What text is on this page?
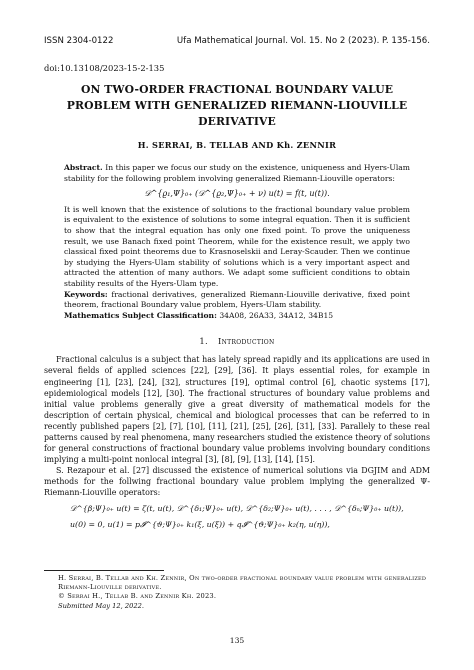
ISSN 2304-0122	Ufa Mathematical Journal. Vol. 15. No 2 (2023). P. 135-156.
doi:10.13108/2023-15-2-135
ON TWO-ORDER FRACTIONAL BOUNDARY VALUE
PROBLEM WITH GENERALIZED RIEMANN-LIOUVILLE
DERIVATIVE
H. SERRAI, B. TELLAB AND Kh. ZENNIR

Abstract. In this paper we focus our study on the existence, uniqueness and Hyers-Ulam stability for the following problem involving generalized Riemann-Liouville operators:

𝒟^{ϱ₁,Ψ}₀₊ (𝒟^{ϱ₂,Ψ}₀₊ + ν) u(t) = f(t, u(t)).

It is well known that the existence of solutions to the fractional boundary value problem is equivalent to the existence of solutions to some integral equation. Then it is sufficient to show that the integral equation has only one fixed point. To prove the uniqueness result, we use Banach fixed point Theorem, while for the existence result, we apply two classical fixed point theorems due to Krasnoselskii and Leray-Scauder. Then we continue by studying the Hyers-Ulam stability of solutions which is a very important aspect and attracted the attention of many authors. We adapt some sufficient conditions to obtain stability results of the Hyers-Ulam type.

Keywords: fractional derivatives, generalized Riemann-Liouville derivative, fixed point theorem, fractional Boundary value problem, Hyers-Ulam stability.

Mathematics Subject Classification: 34A08, 26A33, 34A12, 34B15

1. Introduction

Fractional calculus is a subject that has lately spread rapidly and its applications are used in several fields of applied sciences [22], [29], [36]. It plays essential roles, for example in engineering [1], [23], [24], [32], structures [19], optimal control [6], chaotic systems [17], epidemiological models [12], [30]. The fractional structures of boundary value problems and initial value problems generally give a great diversity of mathematical models for the description of certain physical, chemical and biological processes that can be referred to in recently published papers [2], [7], [10], [11], [21], [25], [26], [31], [33]. Parallely to these real patterns caused by real phenomena, many researchers studied the existence theory of solutions for general constructions of fractional boundary value problems involving boundary conditions implying a multi-point nonlocal integral [3], [8], [9], [13], [14], [15].

S. Rezapour et al. [27] discussed the existence of numerical solutions via DGJIM and ADM methods for the follwing fractional boundary value problem implying the generalized Ψ-Riemann-Liouville operators:

𝒟^{β;Ψ}₀₊ u(t) = ζ(t, u(t), 𝒟^{δ₁;Ψ}₀₊ u(t), 𝒟^{δ₂;Ψ}₀₊ u(t), . . . , 𝒟^{δₙ;Ψ}₀₊ u(t)),
u(0) = 0, u(1) = p𝓘^{ϑ;Ψ}₀₊ k₁(ξ, u(ξ)) + q𝓘^{ϑ;Ψ}₀₊ k₂(η, u(η)),
H. Serrai, B. Tellab and Kh. Zennir, On two-order fractional boundary value problem with generalized Riemann-Liouville derivative.
© Serrai H., Tellab B. and Zennir Kh. 2023.
Submitted May 12, 2022.
135
